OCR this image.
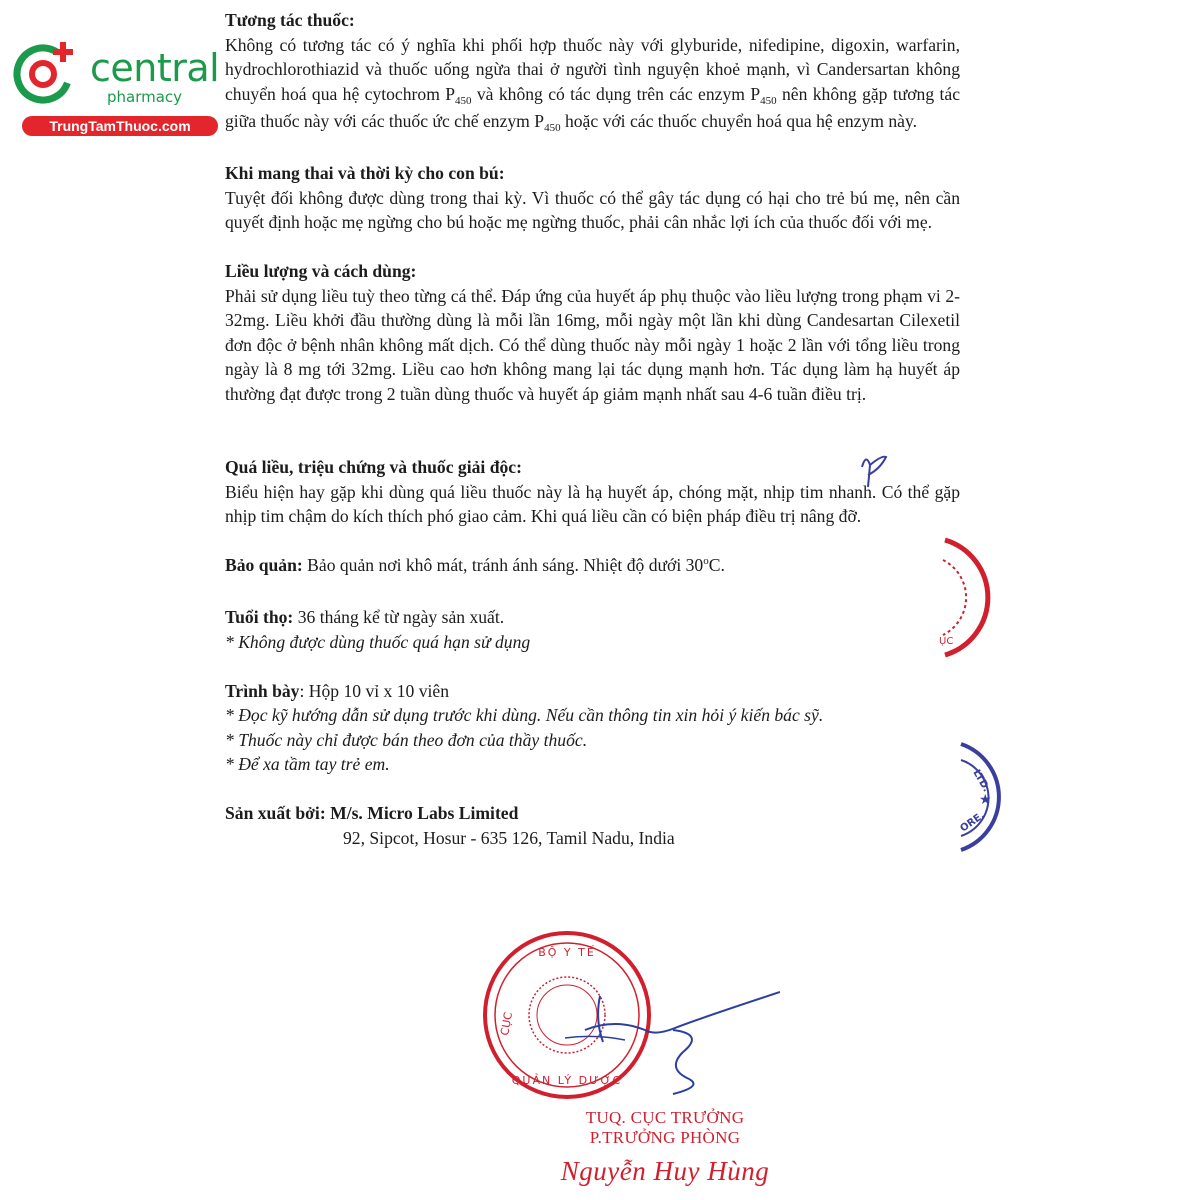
central
pharmacy
TrungTamThuoc.com

Tương tác thuốc:

Không có tương tác có ý nghĩa khi phối hợp thuốc này với glyburide, nifedipine, digoxin, warfarin, hydrochlorothiazid và thuốc uống ngừa thai ở người tình nguyện khoẻ mạnh, vì Candersartan không chuyển hoá qua hệ cytochrom $P_{450}$ và không có tác dụng trên các enzym $P_{450}$ nên không gặp tương tác giữa thuốc này với các thuốc ức chế enzym $P_{450}$ hoặc với các thuốc chuyển hoá qua hệ enzym này.

Khi mang thai và thời kỳ cho con bú:

Tuyệt đối không được dùng trong thai kỳ. Vì thuốc có thể gây tác dụng có hại cho trẻ bú mẹ, nên cần quyết định hoặc mẹ ngừng cho bú hoặc mẹ ngừng thuốc, phải cân nhắc lợi ích của thuốc đối với mẹ.

Liều lượng và cách dùng:

Phải sử dụng liều tuỳ theo từng cá thể. Đáp ứng của huyết áp phụ thuộc vào liều lượng trong phạm vi 2-32mg. Liều khởi đầu thường dùng là mỗi lần 16mg, mỗi ngày một lần khi dùng Candesartan Cilexetil đơn độc ở bệnh nhân không mất dịch. Có thể dùng thuốc này mỗi ngày 1 hoặc 2 lần với tổng liều trong ngày là 8 mg tới 32mg. Liều cao hơn không mang lại tác dụng mạnh hơn. Tác dụng làm hạ huyết áp thường đạt được trong 2 tuần dùng thuốc và huyết áp giảm mạnh nhất sau 4-6 tuần điều trị.

Quá liều, triệu chứng và thuốc giải độc:

Biểu hiện hay gặp khi dùng quá liều thuốc này là hạ huyết áp, chóng mặt, nhịp tim nhanh. Có thể gặp nhịp tim chậm do kích thích phó giao cảm. Khi quá liều cần có biện pháp điều trị nâng đỡ.

Bảo quản: Bảo quản nơi khô mát, tránh ánh sáng. Nhiệt độ dưới 30$^o$C.

Tuổi thọ: 36 tháng kể từ ngày sản xuất.

* Không được dùng thuốc quá hạn sử dụng

Trình bày: Hộp 10 vỉ x 10 viên

* Đọc kỹ hướng dẫn sử dụng trước khi dùng. Nếu cần thông tin xin hỏi ý kiến bác sỹ.

* Thuốc này chỉ được bán theo đơn của thầy thuốc.

* Để xa tầm tay trẻ em.

Sản xuất bởi: M/s. Micro Labs Limited

92, Sipcot, Hosur - 635 126, Tamil Nadu, India

ỤC
LTD.
ORE.
★
BỘ Y TẾ
CỤC
QUẢN LÝ DƯỢC
TUQ. CỤC TRƯỞNG
P.TRƯỞNG PHÒNG
Nguyễn Huy Hùng
